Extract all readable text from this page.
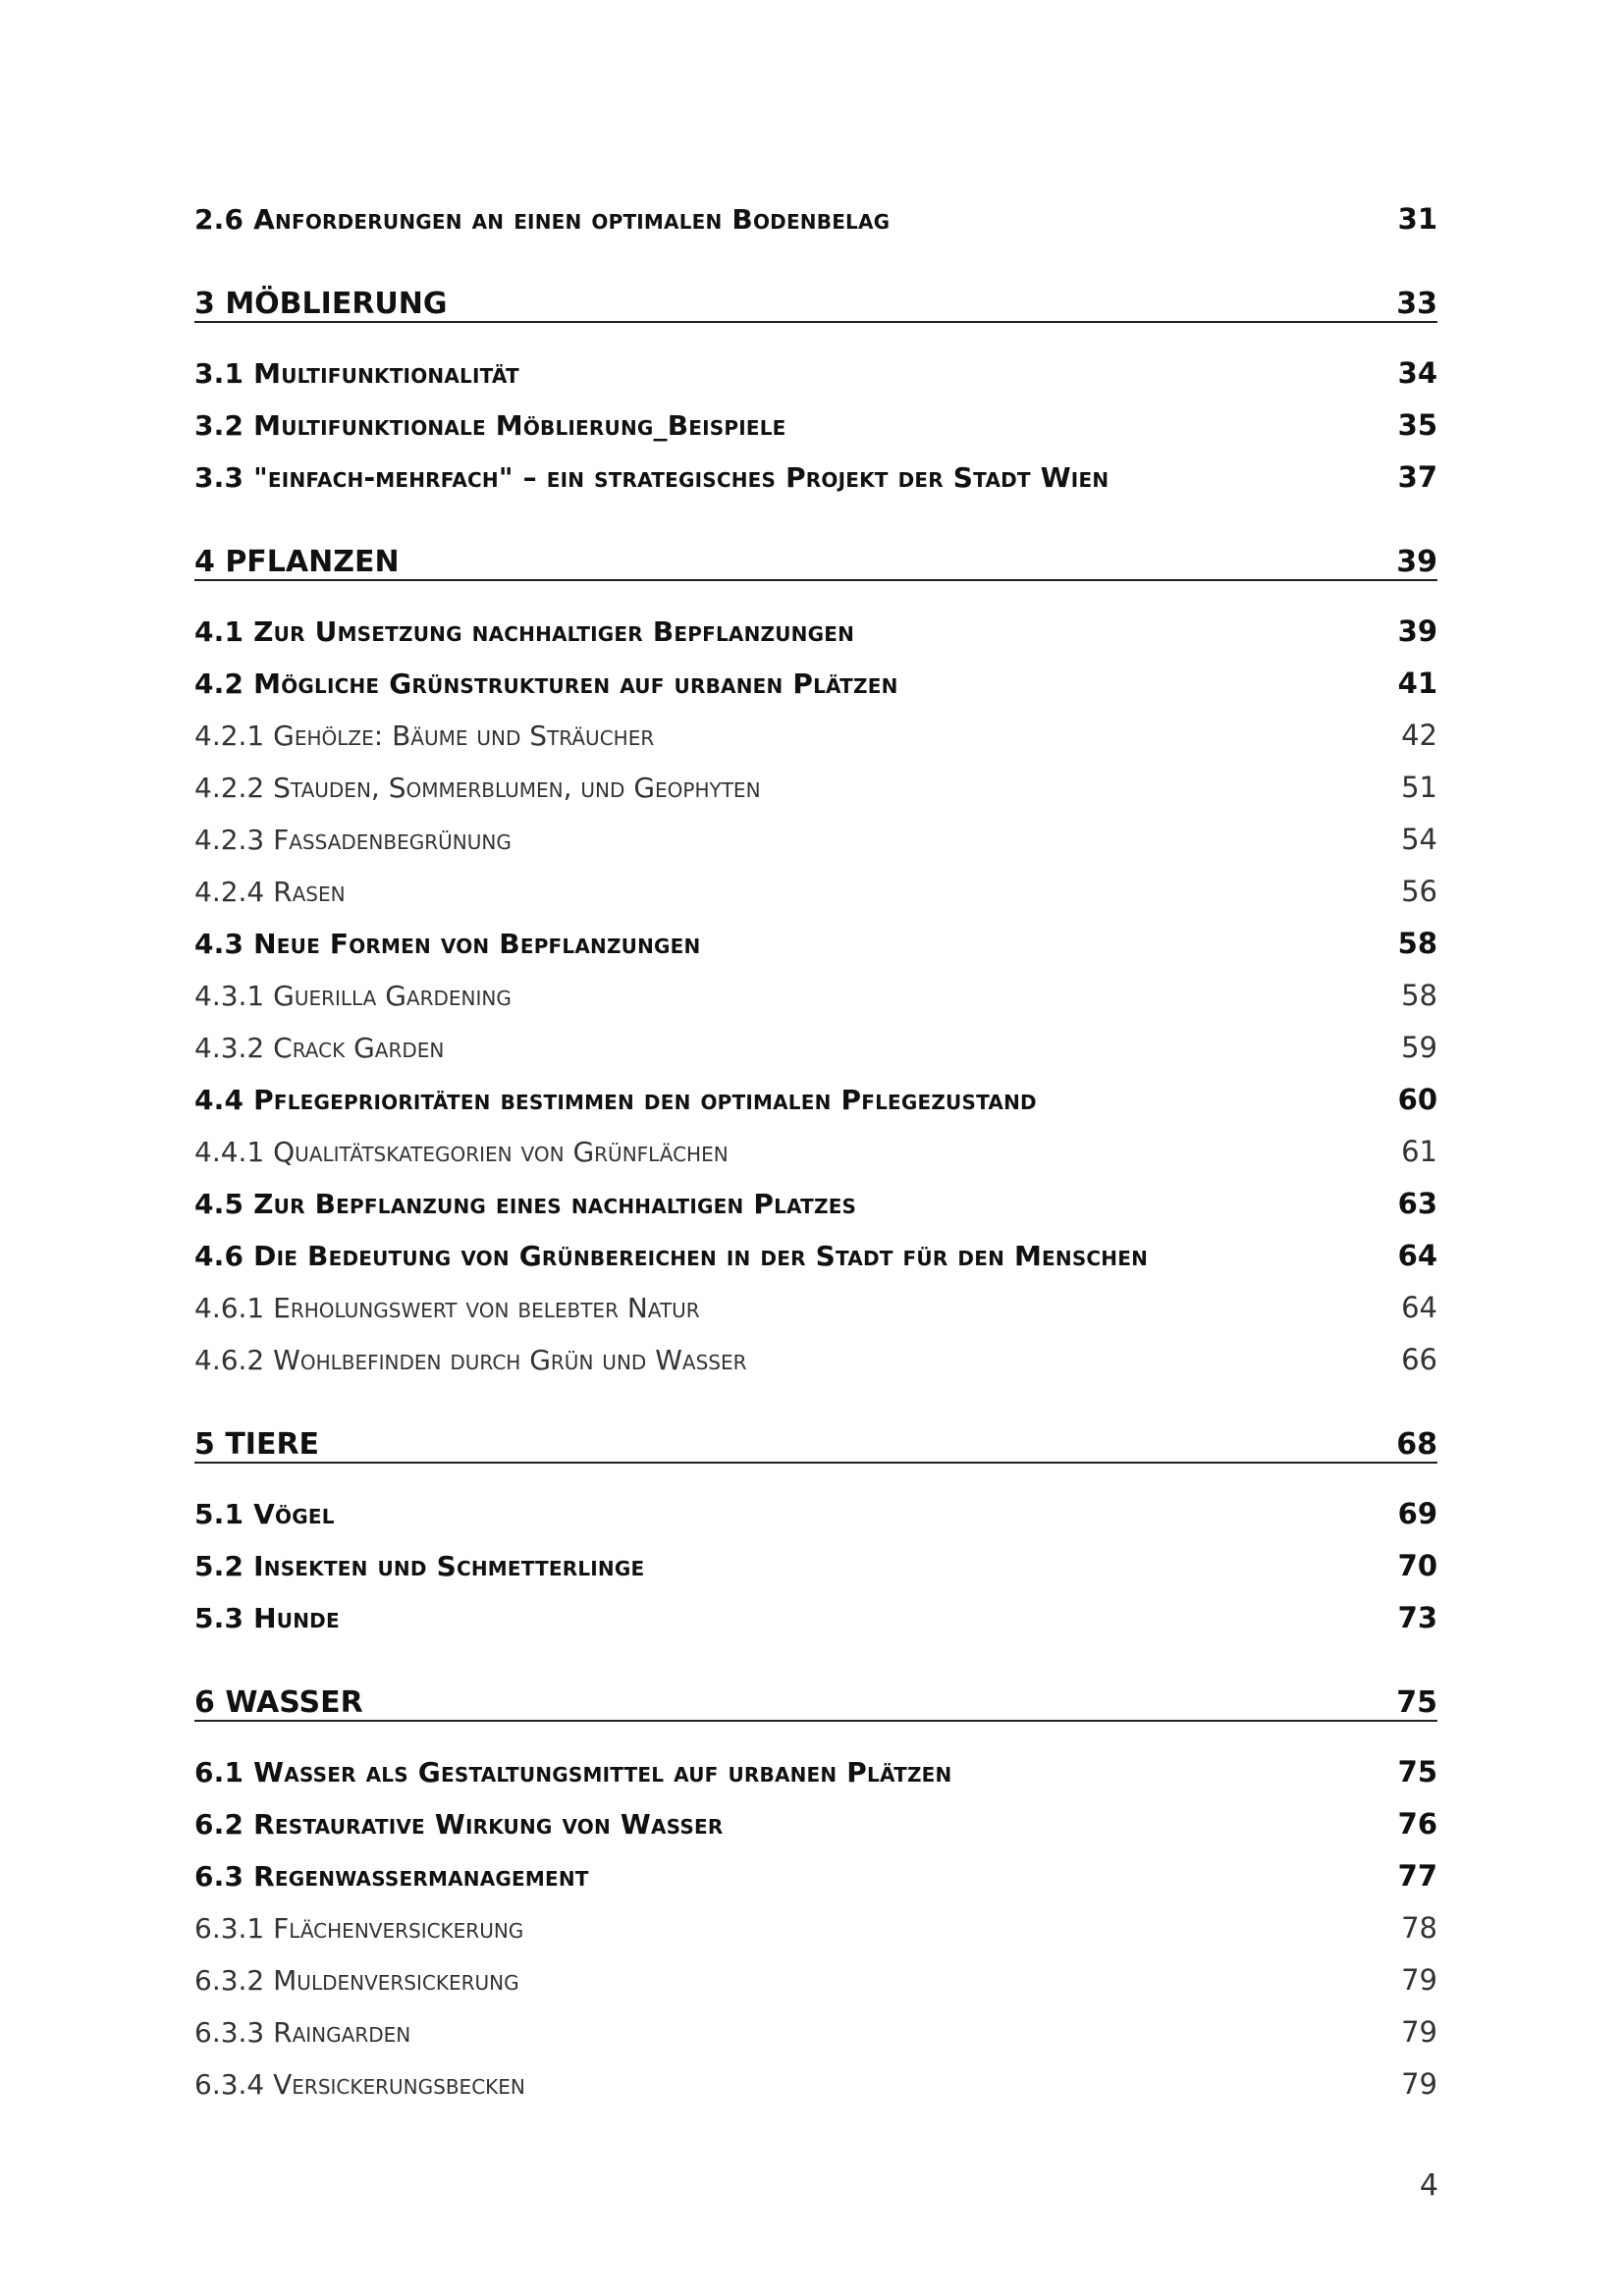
2.6 Anforderungen an einen optimalen Bodenbelag	31
3 MÖBLIERUNG	33
3.1 Multifunktionalität	34
3.2 Multifunktionale Möblierung_Beispiele	35
3.3 "einfach-mehrfach" – ein strategisches Projekt der Stadt Wien	37
4 PFLANZEN	39
4.1 Zur Umsetzung nachhaltiger Bepflanzungen	39
4.2 Mögliche Grünstrukturen auf urbanen Plätzen	41
4.2.1 Gehölze: Bäume und Sträucher	42
4.2.2 Stauden, Sommerblumen, und Geophyten	51
4.2.3 Fassadenbegrünung	54
4.2.4 Rasen	56
4.3 Neue Formen von Bepflanzungen	58
4.3.1 Guerilla Gardening	58
4.3.2 Crack Garden	59
4.4 Pflegeprioritäten bestimmen den optimalen Pflegezustand	60
4.4.1 Qualitätskategorien von Grünflächen	61
4.5 Zur Bepflanzung eines nachhaltigen Platzes	63
4.6 Die Bedeutung von Grünbereichen in der Stadt für den Menschen	64
4.6.1 Erholungswert von belebter Natur	64
4.6.2 Wohlbefinden durch Grün und Wasser	66
5 TIERE	68
5.1 Vögel	69
5.2 Insekten und Schmetterlinge	70
5.3 Hunde	73
6 WASSER	75
6.1 Wasser als Gestaltungsmittel auf urbanen Plätzen	75
6.2 Restaurative Wirkung von Wasser	76
6.3 Regenwassermanagement	77
6.3.1 Flächenversickerung	78
6.3.2 Muldenversickerung	79
6.3.3 Raingarden	79
6.3.4 Versickerungsbecken	79
4
